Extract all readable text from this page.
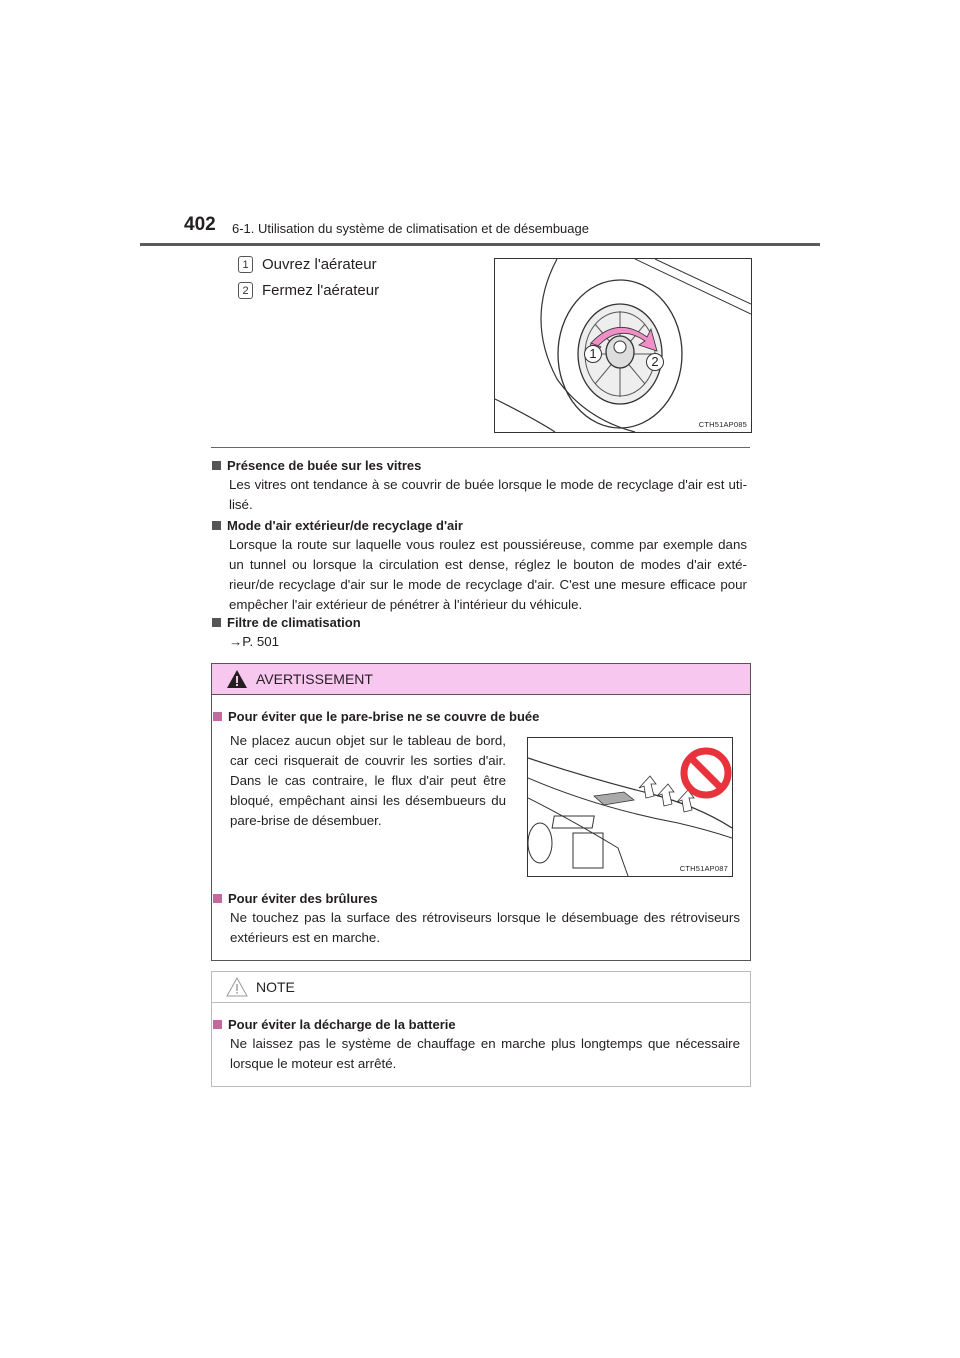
402 6-1. Utilisation du système de climatisation et de désembuage
1 Ouvrez l'aérateur
2 Fermez l'aérateur
1
2
CTH51AP085
Présence de buée sur les vitres
Les vitres ont tendance à se couvrir de buée lorsque le mode de recyclage d'air est uti-lisé.
Mode d'air extérieur/de recyclage d'air
Lorsque la route sur laquelle vous roulez est poussiéreuse, comme par exemple dans un tunnel ou lorsque la circulation est dense, réglez le bouton de modes d'air exté-rieur/de recyclage d'air sur le mode de recyclage d'air. C'est une mesure efficace pour empêcher l'air extérieur de pénétrer à l'intérieur du véhicule.
Filtre de climatisation
→P. 501
AVERTISSEMENT
Pour éviter que le pare-brise ne se couvre de buée
Ne placez aucun objet sur le tableau de bord, car ceci risquerait de couvrir les sorties d'air. Dans le cas contraire, le flux d'air peut être bloqué, empêchant ainsi les désembueurs du pare-brise de désembuer.
CTH51AP087
Pour éviter des brûlures
Ne touchez pas la surface des rétroviseurs lorsque le désembuage des rétroviseurs extérieurs est en marche.
NOTE
Pour éviter la décharge de la batterie
Ne laissez pas le système de chauffage en marche plus longtemps que nécessaire lorsque le moteur est arrêté.
